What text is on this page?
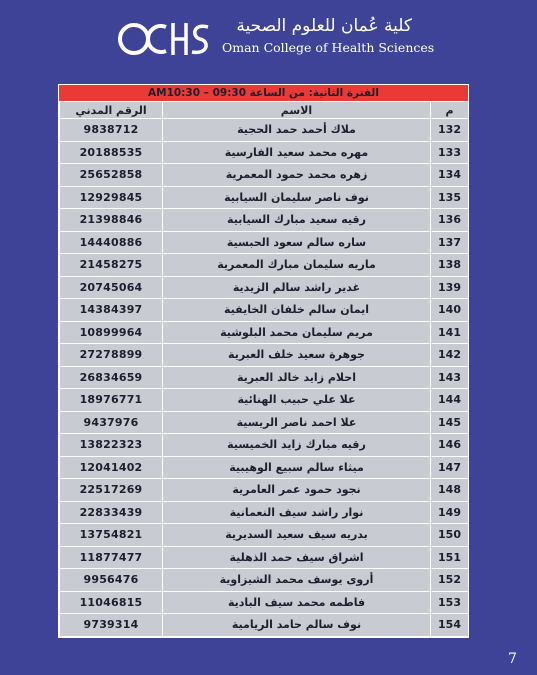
كلية عُمان للعلوم الصحية
Oman College of Health Sciences
الفترة الثانية: من الساعة 09:30 – AM10:30
الرقم المدني	الاسم	م
9838712	ملاك أحمد حمد الحجية	132
20188535	مهره محمد سعيد الفارسية	133
25652858	زهره محمد حمود المعمرية	134
12929845	نوف ناصر سليمان السيابية	135
21398846	رقيه سعيد مبارك السيابية	136
14440886	ساره سالم سعود الحبسية	137
21458275	ماريه سليمان مبارك المعمرية	138
20745064	غدير راشد سالم الزيدية	139
14384397	ايمان سالم خلفان الخايفية	140
10899964	مريم سليمان محمد البلوشية	141
27278899	جوهرة سعيد خلف العبرية	142
26834659	احلام زايد خالد العبرية	143
18976771	علا علي حبيب الهنائية	144
9437976	علا احمد ناصر الريسية	145
13822323	رقيه مبارك زايد الخميسية	146
12041402	ميثاء سالم سبيع الوهيبية	147
22517269	نجود حمود عمر العامرية	148
22833439	نوار راشد سيف النعمانية	149
13754821	بدريه سيف سعيد السديرية	150
11877477	اشراق سيف حمد الذهلية	151
9956476	أروى يوسف محمد الشيزاوية	152
11046815	فاطمه محمد سيف البادية	153
9739314	نوف سالم حامد الريامية	154
7
